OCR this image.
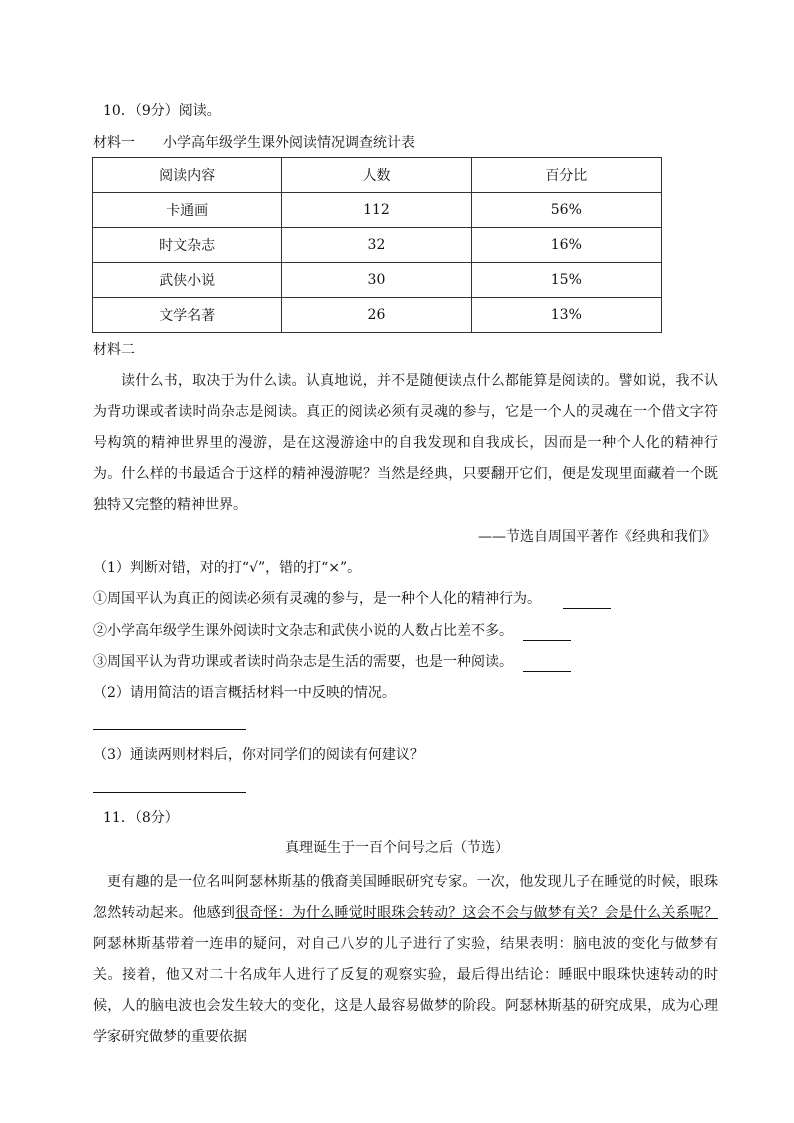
10．（9分）阅读。
材料一　　小学高年级学生课外阅读情况调查统计表
阅读内容	人数	百分比
卡通画	112	56%
时文杂志	32	16%
武侠小说	30	15%
文学名著	26	13%
材料二
读什么书，取决于为什么读。认真地说，并不是随便读点什么都能算是阅读的。譬如说，我不认为背功课或者读时尚杂志是阅读。真正的阅读必须有灵魂的参与，它是一个人的灵魂在一个借文字符号构筑的精神世界里的漫游，是在这漫游途中的自我发现和自我成长，因而是一种个人化的精神行为。什么样的书最适合于这样的精神漫游呢？当然是经典，只要翻开它们，便是发现里面藏着一个既独特又完整的精神世界。
——节选自周国平著作《经典和我们》
（1）判断对错，对的打“√”，错的打“×”。
①周国平认为真正的阅读必须有灵魂的参与，是一种个人化的精神行为。
②小学高年级学生课外阅读时文杂志和武侠小说的人数占比差不多。
③周国平认为背功课或者读时尚杂志是生活的需要，也是一种阅读。
（2）请用简洁的语言概括材料一中反映的情况。
（3）通读两则材料后，你对同学们的阅读有何建议？
11．（8分）
真理诞生于一百个问号之后（节选）
更有趣的是一位名叫阿瑟林斯基的俄裔美国睡眠研究专家。一次，他发现儿子在睡觉的时候，眼珠忽然转动起来。他感到很奇怪：为什么睡觉时眼珠会转动？这会不会与做梦有关？会是什么关系呢？阿瑟林斯基带着一连串的疑问，对自己八岁的儿子进行了实验，结果表明：脑电波的变化与做梦有关。接着，他又对二十名成年人进行了反复的观察实验，最后得出结论：睡眠中眼珠快速转动的时候，人的脑电波也会发生较大的变化，这是人最容易做梦的阶段。阿瑟林斯基的研究成果，成为心理学家研究做梦的重要依据
